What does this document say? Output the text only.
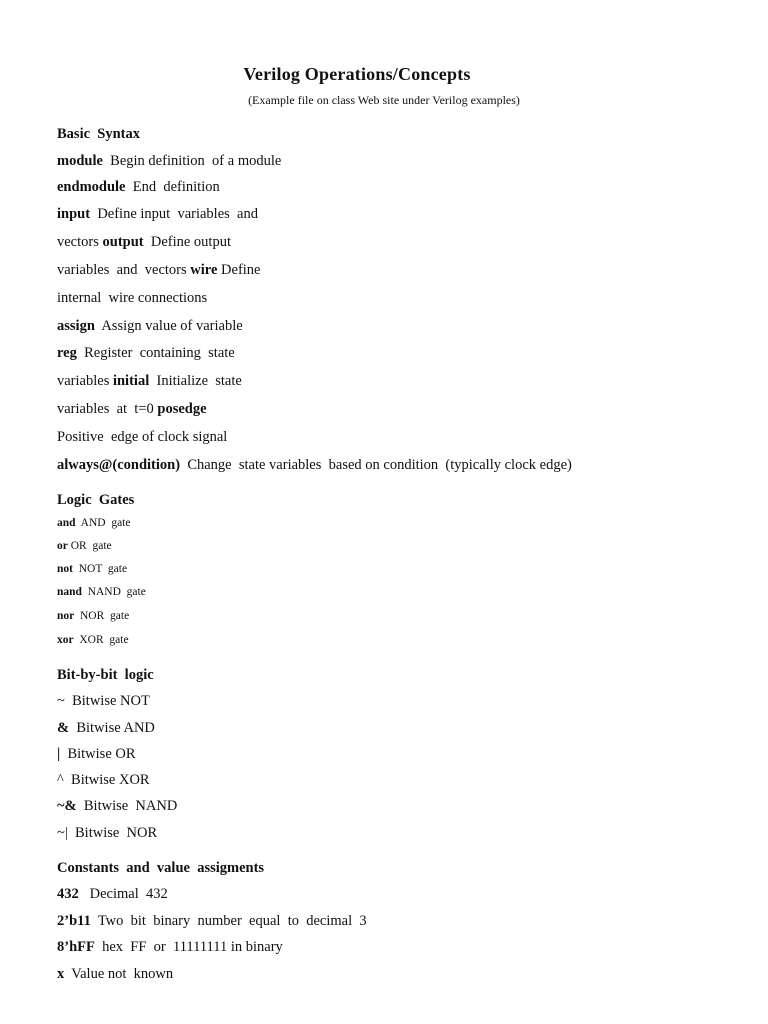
Verilog Operations/Concepts
(Example file on class Web site under Verilog examples)
Basic  Syntax
module  Begin definition  of a module
endmodule  End  definition
input  Define input  variables  and
vectors output  Define output
variables  and  vectors wire Define
internal  wire connections
assign  Assign value of variable
reg  Register  containing  state
variables initial  Initialize  state
variables  at  t=0 posedge
Positive  edge of clock signal
always@(condition)  Change  state variables  based on condition  (typically clock edge)
Logic  Gates
and  AND  gate
or OR  gate
not  NOT  gate
nand  NAND  gate
nor  NOR  gate
xor  XOR  gate
Bit-by-bit  logic
~  Bitwise NOT
&  Bitwise AND
|  Bitwise OR
^  Bitwise XOR
~&  Bitwise  NAND
~|  Bitwise  NOR
Constants  and  value  assigments
432   Decimal  432
2’b11  Two  bit  binary  number  equal  to  decimal  3
8’hFF  hex  FF  or  11111111 in binary
x  Value not  known
